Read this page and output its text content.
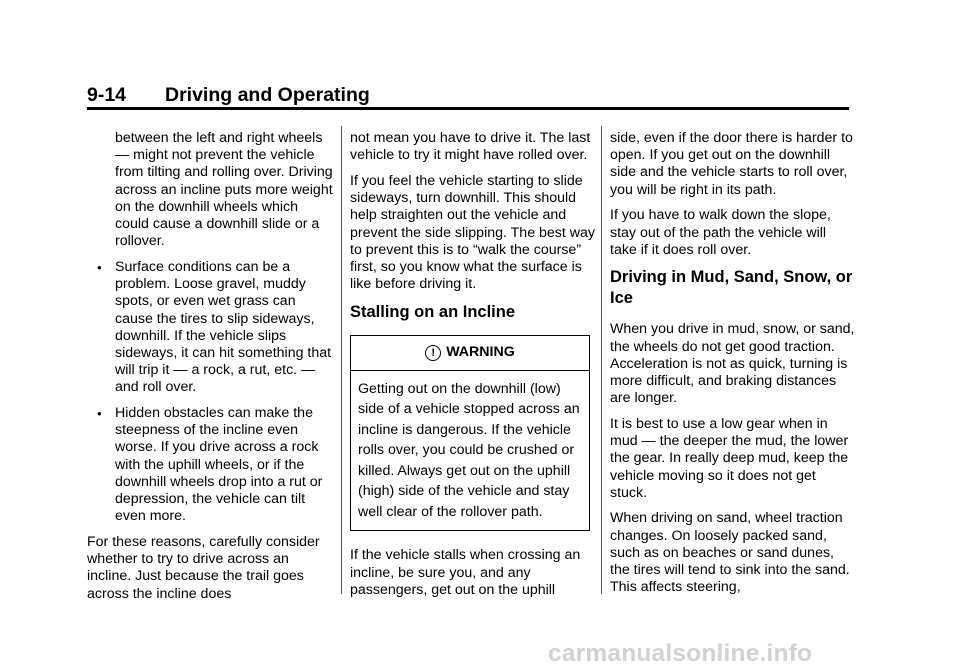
9-14 Driving and Operating

between the left and right wheels — might not prevent the vehicle from tilting and rolling over. Driving across an incline puts more weight on the downhill wheels which could cause a downhill slide or a rollover.

• Surface conditions can be a problem. Loose gravel, muddy spots, or even wet grass can cause the tires to slip sideways, downhill. If the vehicle slips sideways, it can hit something that will trip it — a rock, a rut, etc. — and roll over.
• Hidden obstacles can make the steepness of the incline even worse. If you drive across a rock with the uphill wheels, or if the downhill wheels drop into a rut or depression, the vehicle can tilt even more.

For these reasons, carefully consider whether to try to drive across an incline. Just because the trail goes across the incline does

not mean you have to drive it. The last vehicle to try it might have rolled over.

If you feel the vehicle starting to slide sideways, turn downhill. This should help straighten out the vehicle and prevent the side slipping. The best way to prevent this is to “walk the course” first, so you know what the surface is like before driving it.

Stalling on an Incline
! WARNING
Getting out on the downhill (low) side of a vehicle stopped across an incline is dangerous. If the vehicle rolls over, you could be crushed or killed. Always get out on the uphill (high) side of the vehicle and stay well clear of the rollover path.

If the vehicle stalls when crossing an incline, be sure you, and any passengers, get out on the uphill

side, even if the door there is harder to open. If you get out on the downhill side and the vehicle starts to roll over, you will be right in its path.

If you have to walk down the slope, stay out of the path the vehicle will take if it does roll over.

Driving in Mud, Sand, Snow, or Ice

When you drive in mud, snow, or sand, the wheels do not get good traction. Acceleration is not as quick, turning is more difficult, and braking distances are longer.

It is best to use a low gear when in mud — the deeper the mud, the lower the gear. In really deep mud, keep the vehicle moving so it does not get stuck.

When driving on sand, wheel traction changes. On loosely packed sand, such as on beaches or sand dunes, the tires will tend to sink into the sand. This affects steering,

carmanualsonline.info
